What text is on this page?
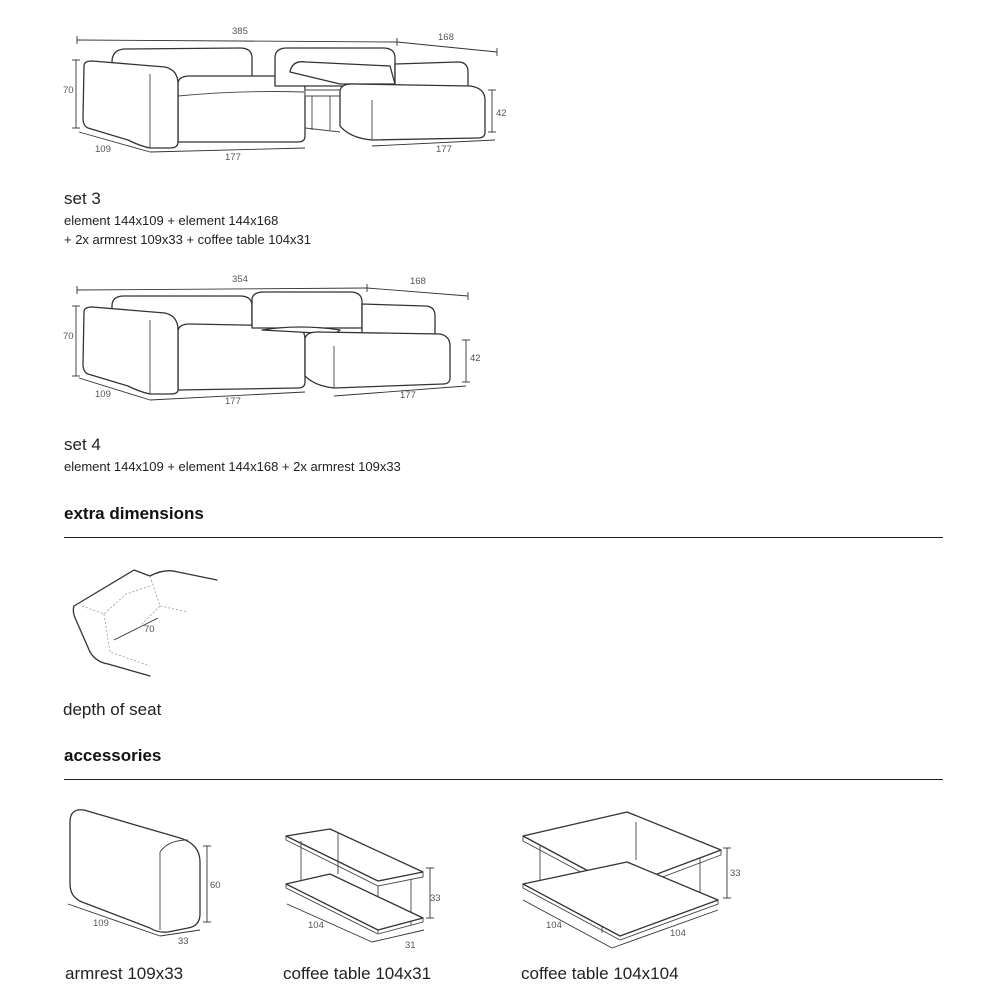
385
168
70
109
177
177
42
set 3
element 144x109 + element 144x168
+ 2x armrest 109x33 + coffee table 104x31
354	168
70
109
177
177
42
set 4
element 144x109 + element 144x168 + 2x armrest 109x33
extra dimensions
70
depth of seat
accessories
109
33
60
armrest 109x33
104
31
33
coffee table 104x31
104
104
33
coffee table 104x104
